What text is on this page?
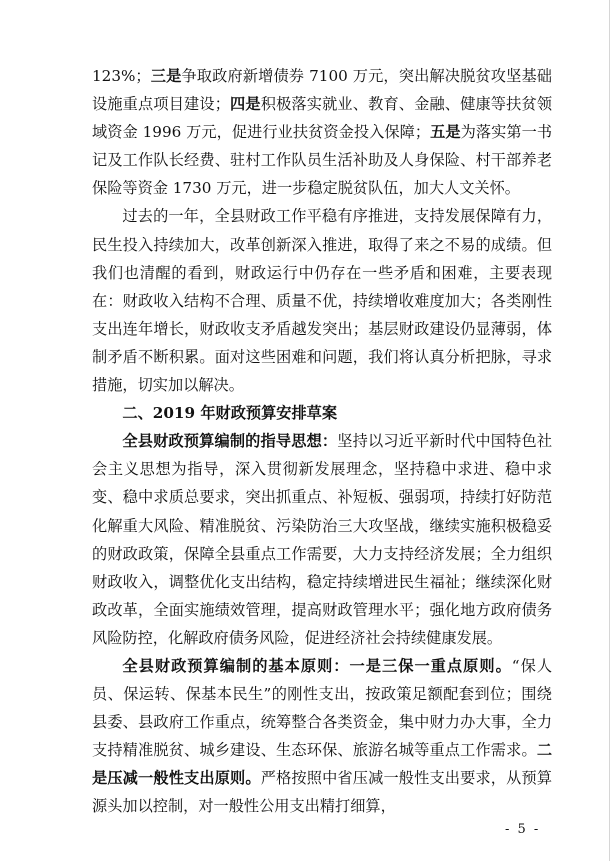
123%；三是争取政府新增债券 7100 万元，突出解决脱贫攻坚基础设施重点项目建设；四是积极落实就业、教育、金融、健康等扶贫领域资金 1996 万元，促进行业扶贫资金投入保障；五是为落实第一书记及工作队长经费、驻村工作队员生活补助及人身保险、村干部养老保险等资金 1730 万元，进一步稳定脱贫队伍，加大人文关怀。

过去的一年，全县财政工作平稳有序推进，支持发展保障有力，民生投入持续加大，改革创新深入推进，取得了来之不易的成绩。但我们也清醒的看到，财政运行中仍存在一些矛盾和困难，主要表现在：财政收入结构不合理、质量不优，持续增收难度加大；各类刚性支出连年增长，财政收支矛盾越发突出；基层财政建设仍显薄弱，体制矛盾不断积累。面对这些困难和问题，我们将认真分析把脉，寻求措施，切实加以解决。

二、2019 年财政预算安排草案

全县财政预算编制的指导思想：坚持以习近平新时代中国特色社会主义思想为指导，深入贯彻新发展理念，坚持稳中求进、稳中求变、稳中求质总要求，突出抓重点、补短板、强弱项，持续打好防范化解重大风险、精准脱贫、污染防治三大攻坚战，继续实施积极稳妥的财政政策，保障全县重点工作需要，大力支持经济发展；全力组织财政收入，调整优化支出结构，稳定持续增进民生福祉；继续深化财政改革，全面实施绩效管理，提高财政管理水平；强化地方政府债务风险防控，化解政府债务风险，促进经济社会持续健康发展。

全县财政预算编制的基本原则：一是三保一重点原则。“保人员、保运转、保基本民生”的刚性支出，按政策足额配套到位；围绕县委、县政府工作重点，统筹整合各类资金，集中财力办大事，全力支持精准脱贫、城乡建设、生态环保、旅游名城等重点工作需求。二是压减一般性支出原则。严格按照中省压减一般性支出要求，从预算源头加以控制，对一般性公用支出精打细算，

- 5 -
